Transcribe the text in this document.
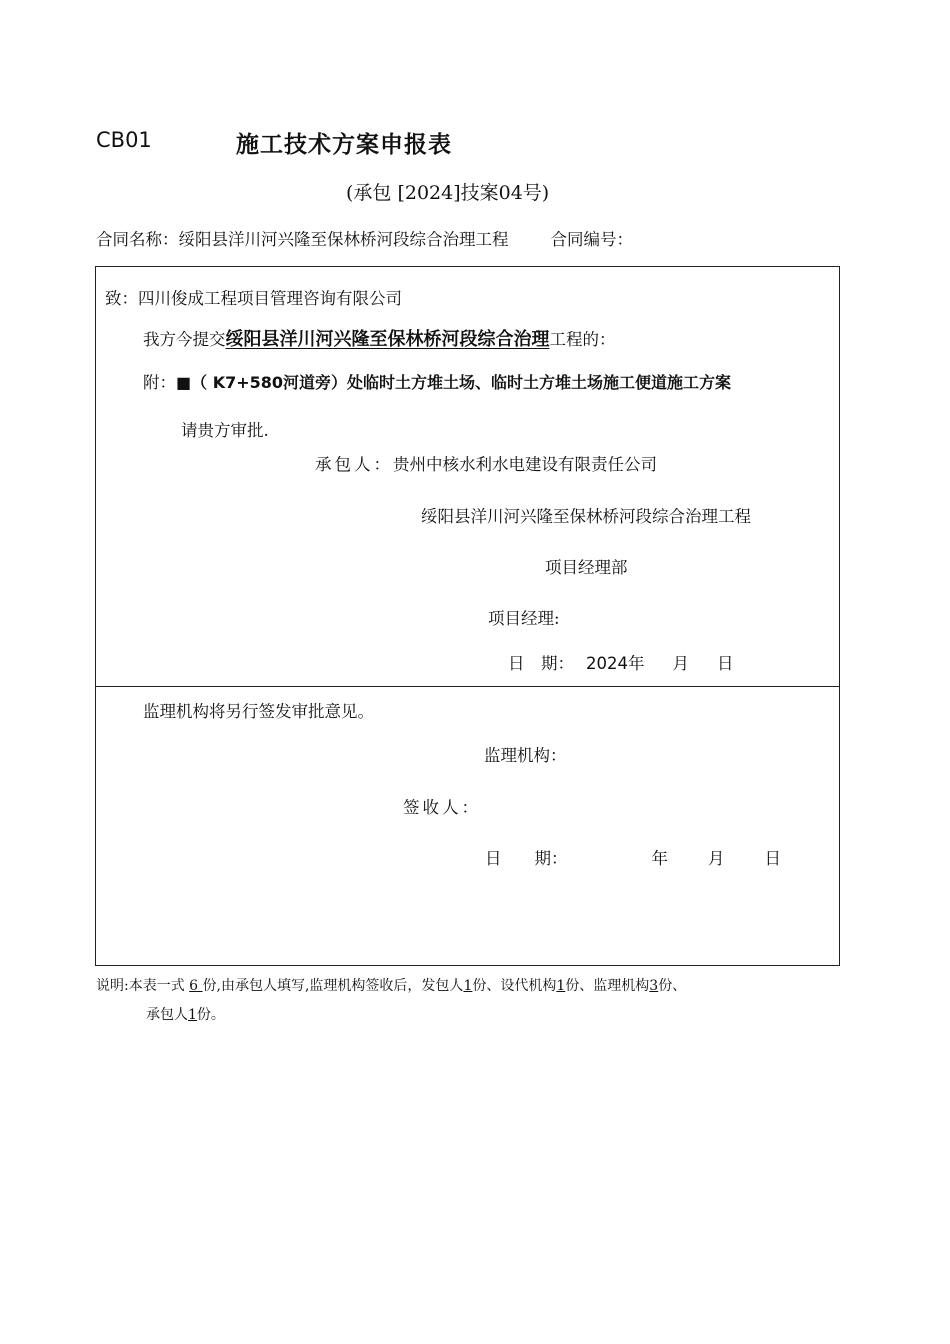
CB01	施工技术方案申报表
(承包 [2024]技案04号)
合同名称：绥阳县洋川河兴隆至保林桥河段综合治理工程	合同编号：
致：四川俊成工程项目管理咨询有限公司
我方今提交绥阳县洋川河兴隆至保林桥河段综合治理工程的：
附：■（ K7+580河道旁）处临时土方堆土场、临时土方堆土场施工便道施工方案
请贵方审批.
承包人：贵州中核水利水电建设有限责任公司
绥阳县洋川河兴隆至保林桥河段综合治理工程
项目经理部
项目经理:
日　期： 2024年 月 日
监理机构将另行签发审批意见。
监理机构：
签收人：
日　　期：	年 月 日
说明:本表一式 6 份,由承包人填写,监理机构签收后，发包人1份、设代机构1份、监理机构3份、
承包人1份。
